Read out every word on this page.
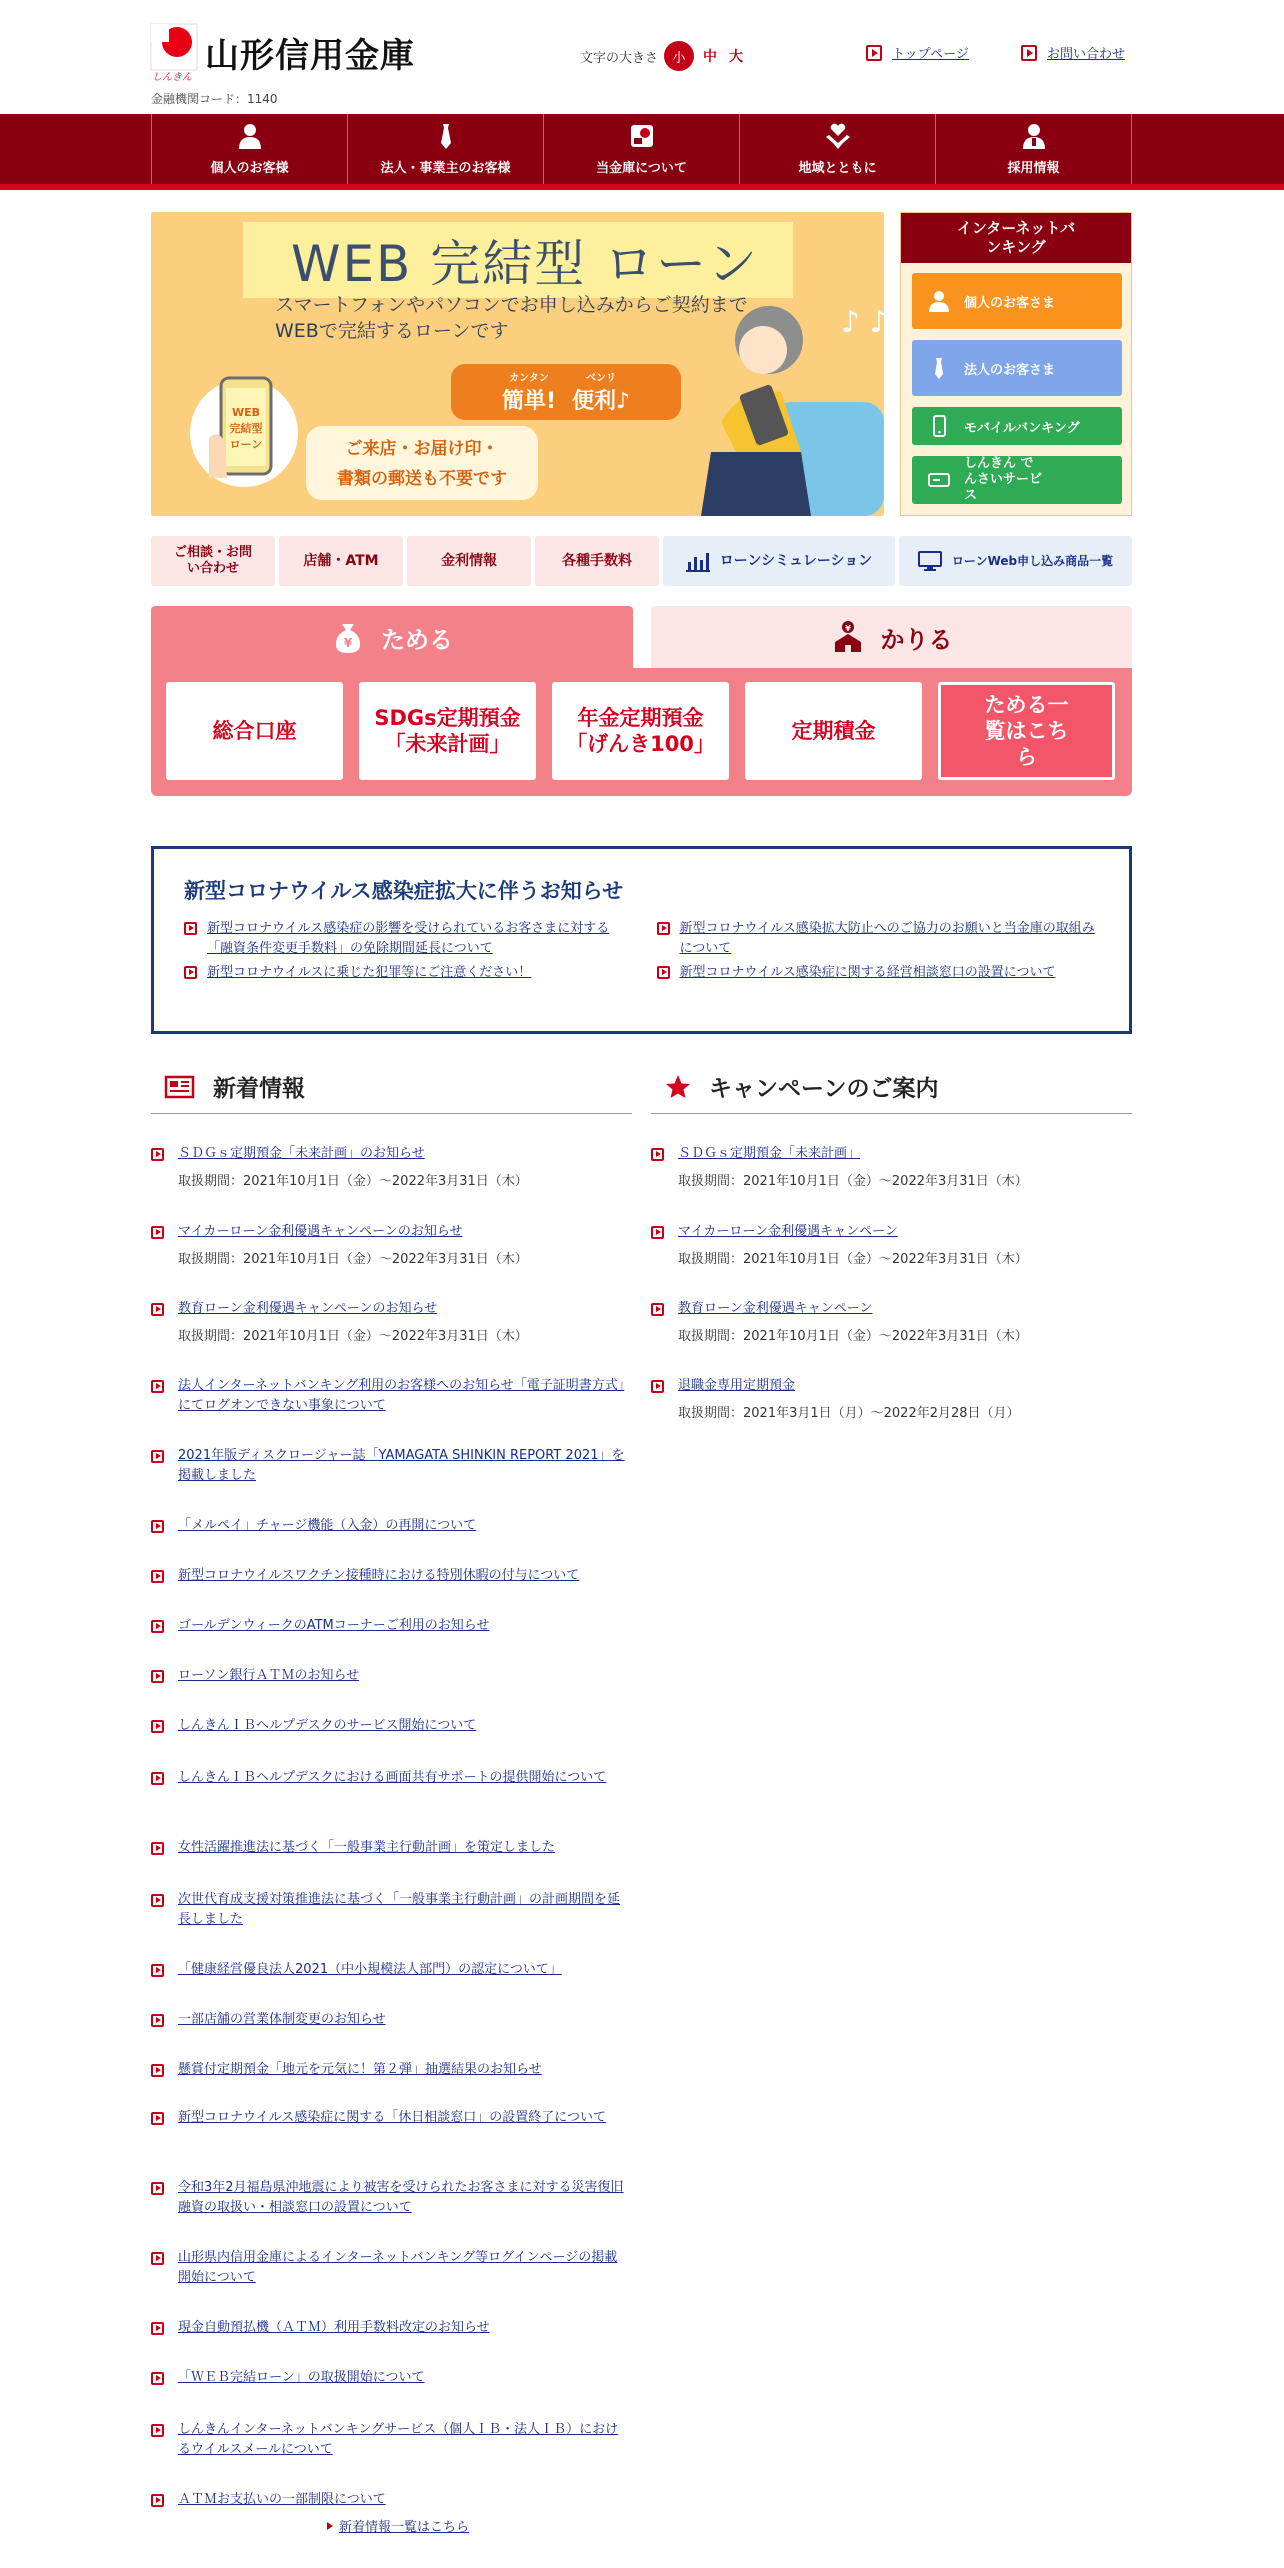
しんきん
山形信用金庫
金融機関コード：1140
文字の大きさ	小	中 大	トップページ	お問い合わせ
個人のお客様	法人・事業主のお客様	当金庫について	地域とともに	採用情報
WEB 完結型 ローン
スマートフォンやパソコンでお申し込みからご契約まで
WEBで完結するローンです
WEB
完結型
ローン
カンタン
簡単!
ベンリ
便利♪
ご来店・お届け印・
書類の郵送も不要です
♪ ♪
インターネットバンキング
個人のお客さま
法人のお客さま
モバイルバンキング
しんきん でんさいサービス
ご相談・お問い合わせ	店舗・ATM	金利情報	各種手数料	ローンシミュレーション	ローンWeb申し込み商品一覧
¥ ためる	¥ かりる
総合口座
SDGs定期預金「未来計画」
年金定期預金「げんき100」
定期積金
ためる一覧はこちら
新型コロナウイルス感染症拡大に伴うお知らせ
新型コロナウイルス感染症の影響を受けられているお客さまに対する「融資条件変更手数料」の免除期間延長について
新型コロナウイルス感染拡大防止へのご協力のお願いと当金庫の取組みについて
新型コロナウイルスに乗じた犯罪等にご注意ください！	新型コロナウイルス感染症に関する経営相談窓口の設置について
新着情報
ＳＤＧｓ定期預金「未来計画」のお知らせ
取扱期間：2021年10月1日（金）～2022年3月31日（木）
マイカーローン金利優遇キャンペーンのお知らせ
取扱期間：2021年10月1日（金）～2022年3月31日（木）
教育ローン金利優遇キャンペーンのお知らせ
取扱期間：2021年10月1日（金）～2022年3月31日（木）
法人インターネットバンキング利用のお客様へのお知らせ「電子証明書方式」にてログオンできない事象について
2021年版ディスクロージャー誌「YAMAGATA SHINKIN REPORT 2021」を掲載しました
「メルペイ」チャージ機能（入金）の再開について
新型コロナウイルスワクチン接種時における特別休暇の付与について
ゴールデンウィークのATMコーナーご利用のお知らせ
ローソン銀行ＡＴＭのお知らせ
しんきんＩＢヘルプデスクのサービス開始について
しんきんＩＢヘルプデスクにおける画面共有サポートの提供開始について
女性活躍推進法に基づく「一般事業主行動計画」を策定しました
次世代育成支援対策推進法に基づく「一般事業主行動計画」の計画期間を延長しました
「健康経営優良法人2021（中小規模法人部門）の認定について」
一部店舗の営業体制変更のお知らせ
懸賞付定期預金「地元を元気に！第２弾」抽選結果のお知らせ
新型コロナウイルス感染症に関する「休日相談窓口」の設置終了について
令和3年2月福島県沖地震により被害を受けられたお客さまに対する災害復旧融資の取扱い・相談窓口の設置について
山形県内信用金庫によるインターネットバンキング等ログインページの掲載開始について
現金自動預払機（ＡＴＭ）利用手数料改定のお知らせ
「ＷＥＢ完結ローン」の取扱開始について
しんきんインターネットバンキングサービス（個人ＩＢ・法人ＩＢ）におけるウイルスメールについて
ＡＴＭお支払いの一部制限について
キャンペーンのご案内
ＳＤＧｓ定期預金「未来計画」
取扱期間：2021年10月1日（金）～2022年3月31日（木）
マイカーローン金利優遇キャンペーン
取扱期間：2021年10月1日（金）～2022年3月31日（木）
教育ローン金利優遇キャンペーン
取扱期間：2021年10月1日（金）～2022年3月31日（木）
退職金専用定期預金
取扱期間：2021年3月1日（月）～2022年2月28日（月）
新着情報一覧はこちら
